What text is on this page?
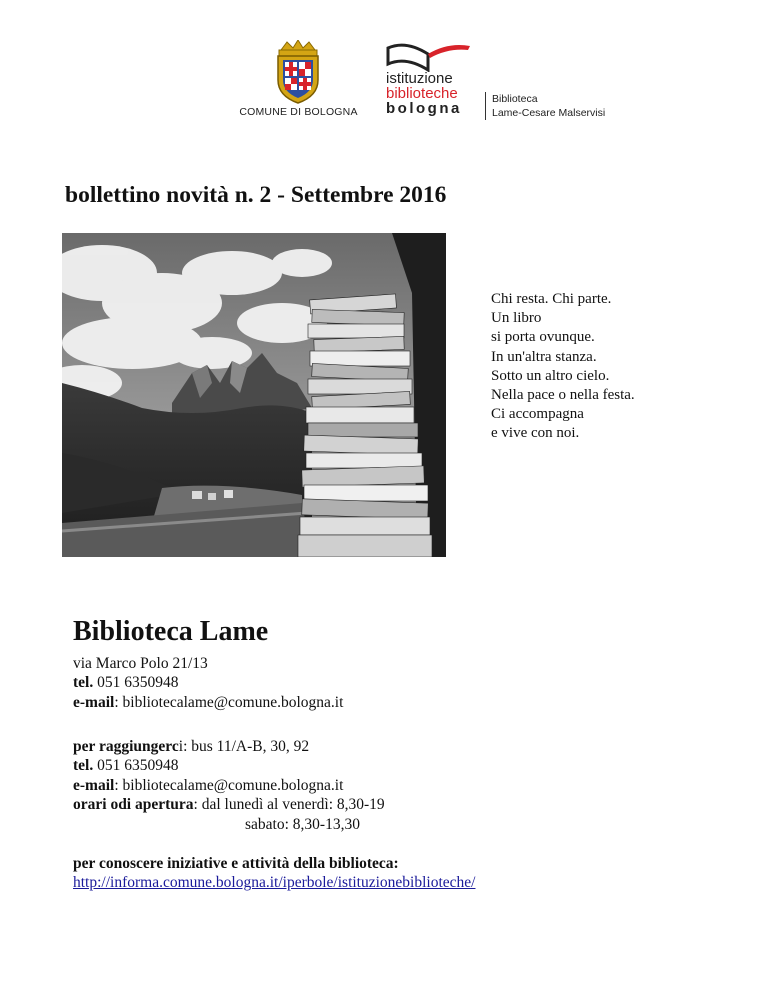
COMUNE DI BOLOGNA
istituzione
biblioteche
bologna
Biblioteca
Lame-Cesare Malservisi
bollettino novità n. 2 - Settembre 2016
Chi resta. Chi parte.
Un libro
si porta ovunque.
In un'altra stanza.
Sotto un altro cielo.
Nella pace o nella festa.
Ci accompagna
e vive con noi.
Biblioteca Lame
via Marco Polo 21/13
tel. 051 6350948
e-mail: bibliotecalame@comune.bologna.it
per raggiungerci: bus 11/A-B, 30, 92
tel. 051 6350948
e-mail: bibliotecalame@comune.bologna.it
orari odi apertura: dal lunedì al venerdì: 8,30-19
sabato: 8,30-13,30
per conoscere iniziative e attività della biblioteca:
http://informa.comune.bologna.it/iperbole/istituzionebiblioteche/
